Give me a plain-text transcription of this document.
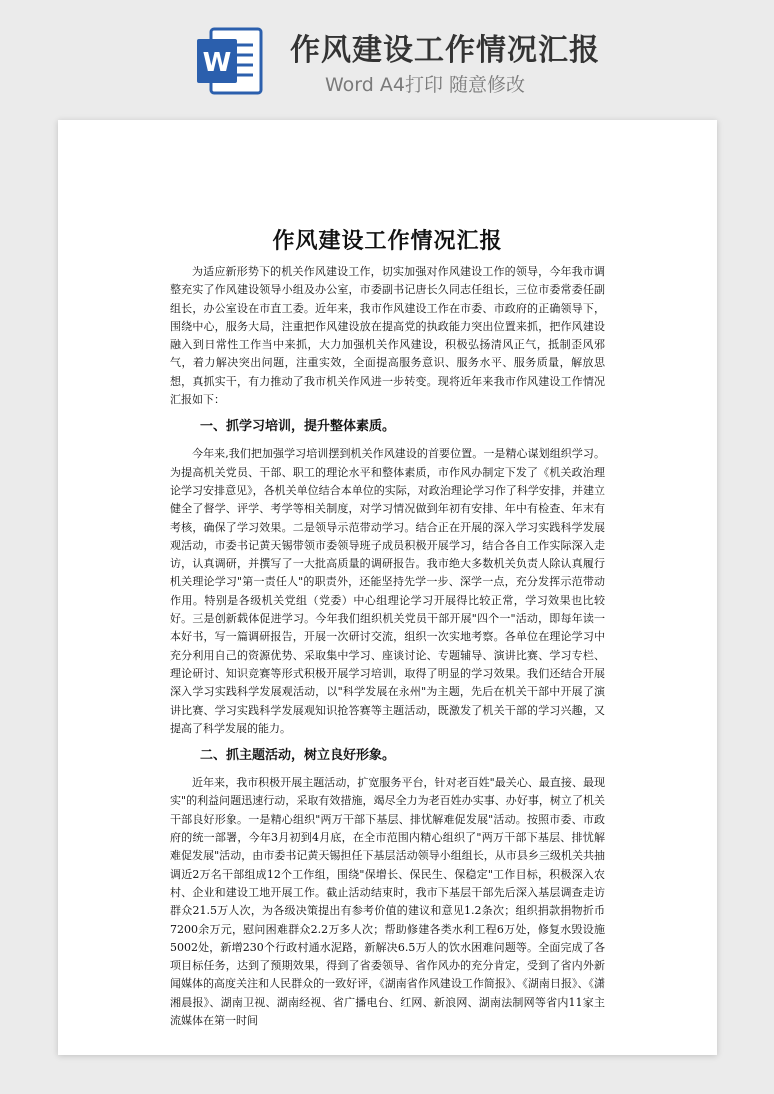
W 作风建设工作情况汇报
Word A4打印 随意修改
作风建设工作情况汇报

为适应新形势下的机关作风建设工作，切实加强对作风建设工作的领导，今年我市调整充实了作风建设领导小组及办公室，市委副书记唐长久同志任组长，三位市委常委任副组长，办公室设在市直工委。近年来，我市作风建设工作在市委、市政府的正确领导下，围绕中心，服务大局，注重把作风建设放在提高党的执政能力突出位置来抓，把作风建设融入到日常性工作当中来抓，大力加强机关作风建设，积极弘扬清风正气，抵制歪风邪气，着力解决突出问题，注重实效，全面提高服务意识、服务水平、服务质量，解放思想，真抓实干，有力推动了我市机关作风进一步转变。现将近年来我市作风建设工作情况汇报如下：

一、抓学习培训，提升整体素质。

今年来,我们把加强学习培训摆到机关作风建设的首要位置。一是精心谋划组织学习。为提高机关党员、干部、职工的理论水平和整体素质，市作风办制定下发了《机关政治理论学习安排意见》，各机关单位结合本单位的实际，对政治理论学习作了科学安排，并建立健全了督学、评学、考学等相关制度，对学习情况做到年初有安排、年中有检查、年末有考核，确保了学习效果。二是领导示范带动学习。结合正在开展的深入学习实践科学发展观活动，市委书记黄天锡带领市委领导班子成员积极开展学习，结合各自工作实际深入走访，认真调研，并撰写了一大批高质量的调研报告。我市绝大多数机关负责人除认真履行机关理论学习"第一责任人"的职责外，还能坚持先学一步、深学一点，充分发挥示范带动作用。特别是各级机关党组（党委）中心组理论学习开展得比较正常，学习效果也比较好。三是创新载体促进学习。今年我们组织机关党员干部开展"四个一"活动，即每年读一本好书，写一篇调研报告，开展一次研讨交流，组织一次实地考察。各单位在理论学习中充分利用自己的资源优势、采取集中学习、座谈讨论、专题辅导、演讲比赛、学习专栏、理论研讨、知识竞赛等形式积极开展学习培训，取得了明显的学习效果。我们还结合开展深入学习实践科学发展观活动，以"科学发展在永州"为主题，先后在机关干部中开展了演讲比赛、学习实践科学发展观知识抢答赛等主题活动，既激发了机关干部的学习兴趣，又提高了科学发展的能力。

二、抓主题活动，树立良好形象。

近年来，我市积极开展主题活动，扩宽服务平台，针对老百姓"最关心、最直接、最现实"的利益问题迅速行动，采取有效措施，竭尽全力为老百姓办实事、办好事，树立了机关干部良好形象。一是精心组织"两万干部下基层、排忧解难促发展"活动。按照市委、市政府的统一部署，今年3月初到4月底，在全市范围内精心组织了"两万干部下基层、排忧解难促发展"活动，由市委书记黄天锡担任下基层活动领导小组组长，从市县乡三级机关共抽调近2万名干部组成12个工作组，围绕"保增长、保民生、保稳定"工作目标，积极深入农村、企业和建设工地开展工作。截止活动结束时，我市下基层干部先后深入基层调查走访群众21.5万人次，为各级决策提出有参考价值的建议和意见1.2条次；组织捐款捐物折币7200余万元，慰问困难群众2.2万多人次；帮助修建各类水利工程6万处，修复水毁设施5002处，新增230个行政村通水泥路，新解决6.5万人的饮水困难问题等。全面完成了各项目标任务，达到了预期效果，得到了省委领导、省作风办的充分肯定，受到了省内外新闻媒体的高度关注和人民群众的一致好评，《湖南省作风建设工作简报》、《湖南日报》、《潇湘晨报》、湖南卫视、湖南经视、省广播电台、红网、新浪网、湖南法制网等省内11家主流媒体在第一时间
